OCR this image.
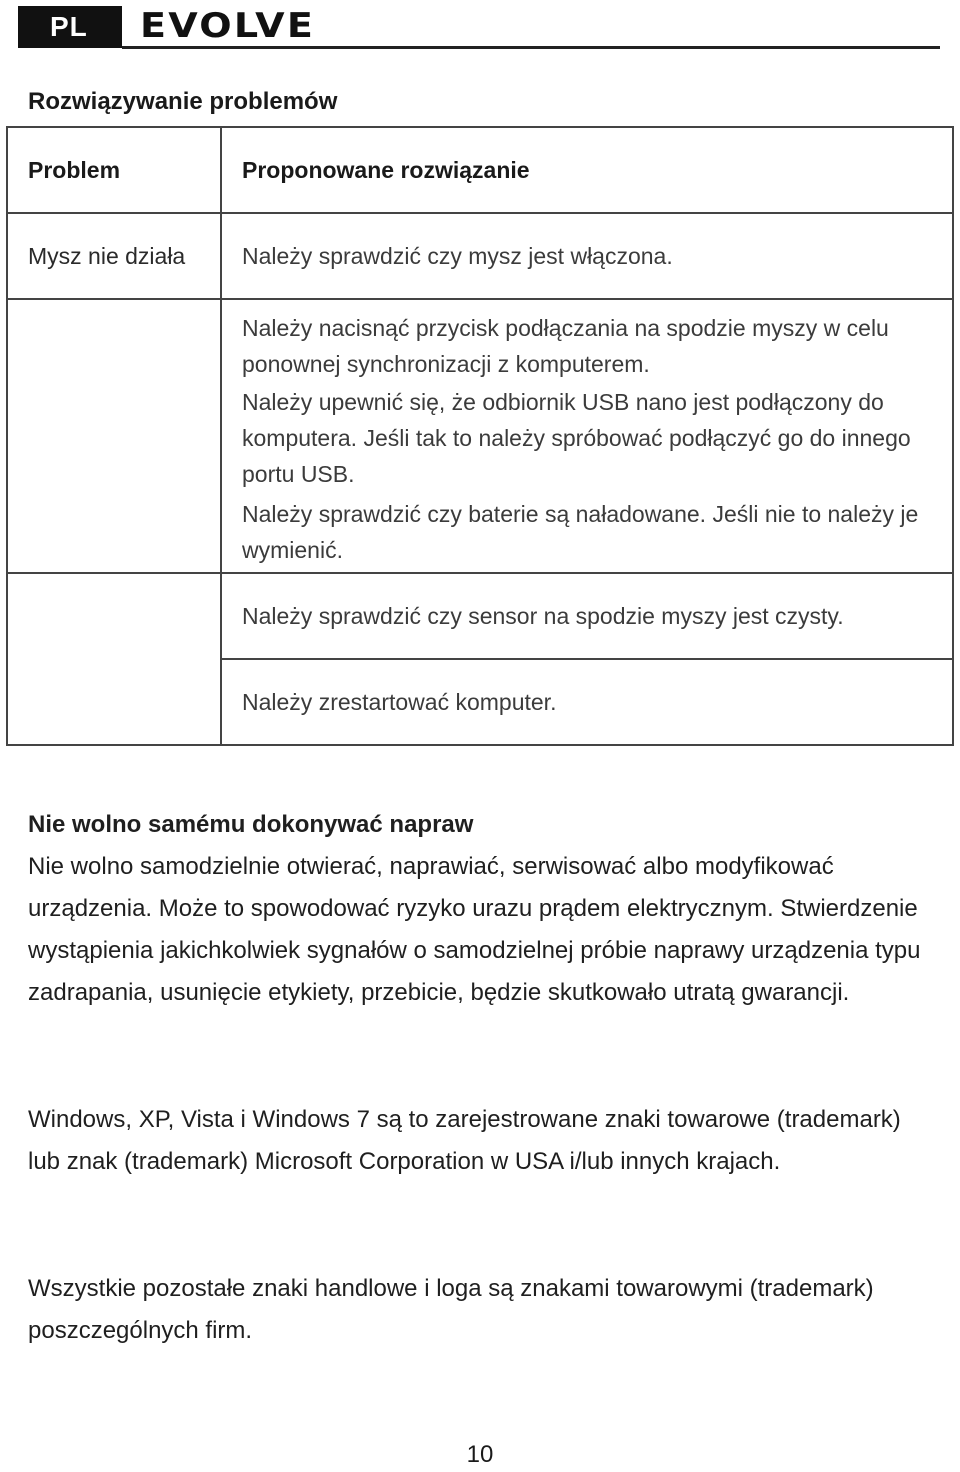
PL	EVOLVE
Rozwiązywanie problemów
Problem	Proponowane rozwiązanie
Mysz nie działa	Należy sprawdzić czy mysz jest włączona.
	Należy nacisnąć przycisk podłączania na spodzie myszy w celu ponownej synchronizacji z komputerem.
	Należy upewnić się, że odbiornik USB nano jest podłączony do komputera. Jeśli tak to należy spróbować podłączyć go do innego portu USB.
	Należy sprawdzić czy baterie są naładowane. Jeśli nie to należy je wymienić.
	Należy sprawdzić czy sensor na spodzie myszy jest czysty.
	Należy zrestartować komputer.
Nie wolno samému dokonywać napraw
Nie wolno samodzielnie otwierać, naprawiać, serwisować albo modyfikować urządzenia. Może to spowodować ryzyko urazu prądem elektrycznym. Stwierdzenie wystąpienia jakichkolwiek sygnałów o samodzielnej próbie naprawy urządzenia typu zadrapania, usunięcie etykiety, przebicie, będzie skutkowało utratą gwarancji.
Windows, XP, Vista i Windows 7 są to zarejestrowane znaki towarowe (trademark) lub znak (trademark) Microsoft Corporation w USA i/lub innych krajach.
Wszystkie pozostałe znaki handlowe i loga są znakami towarowymi (trademark) poszczególnych firm.
10
